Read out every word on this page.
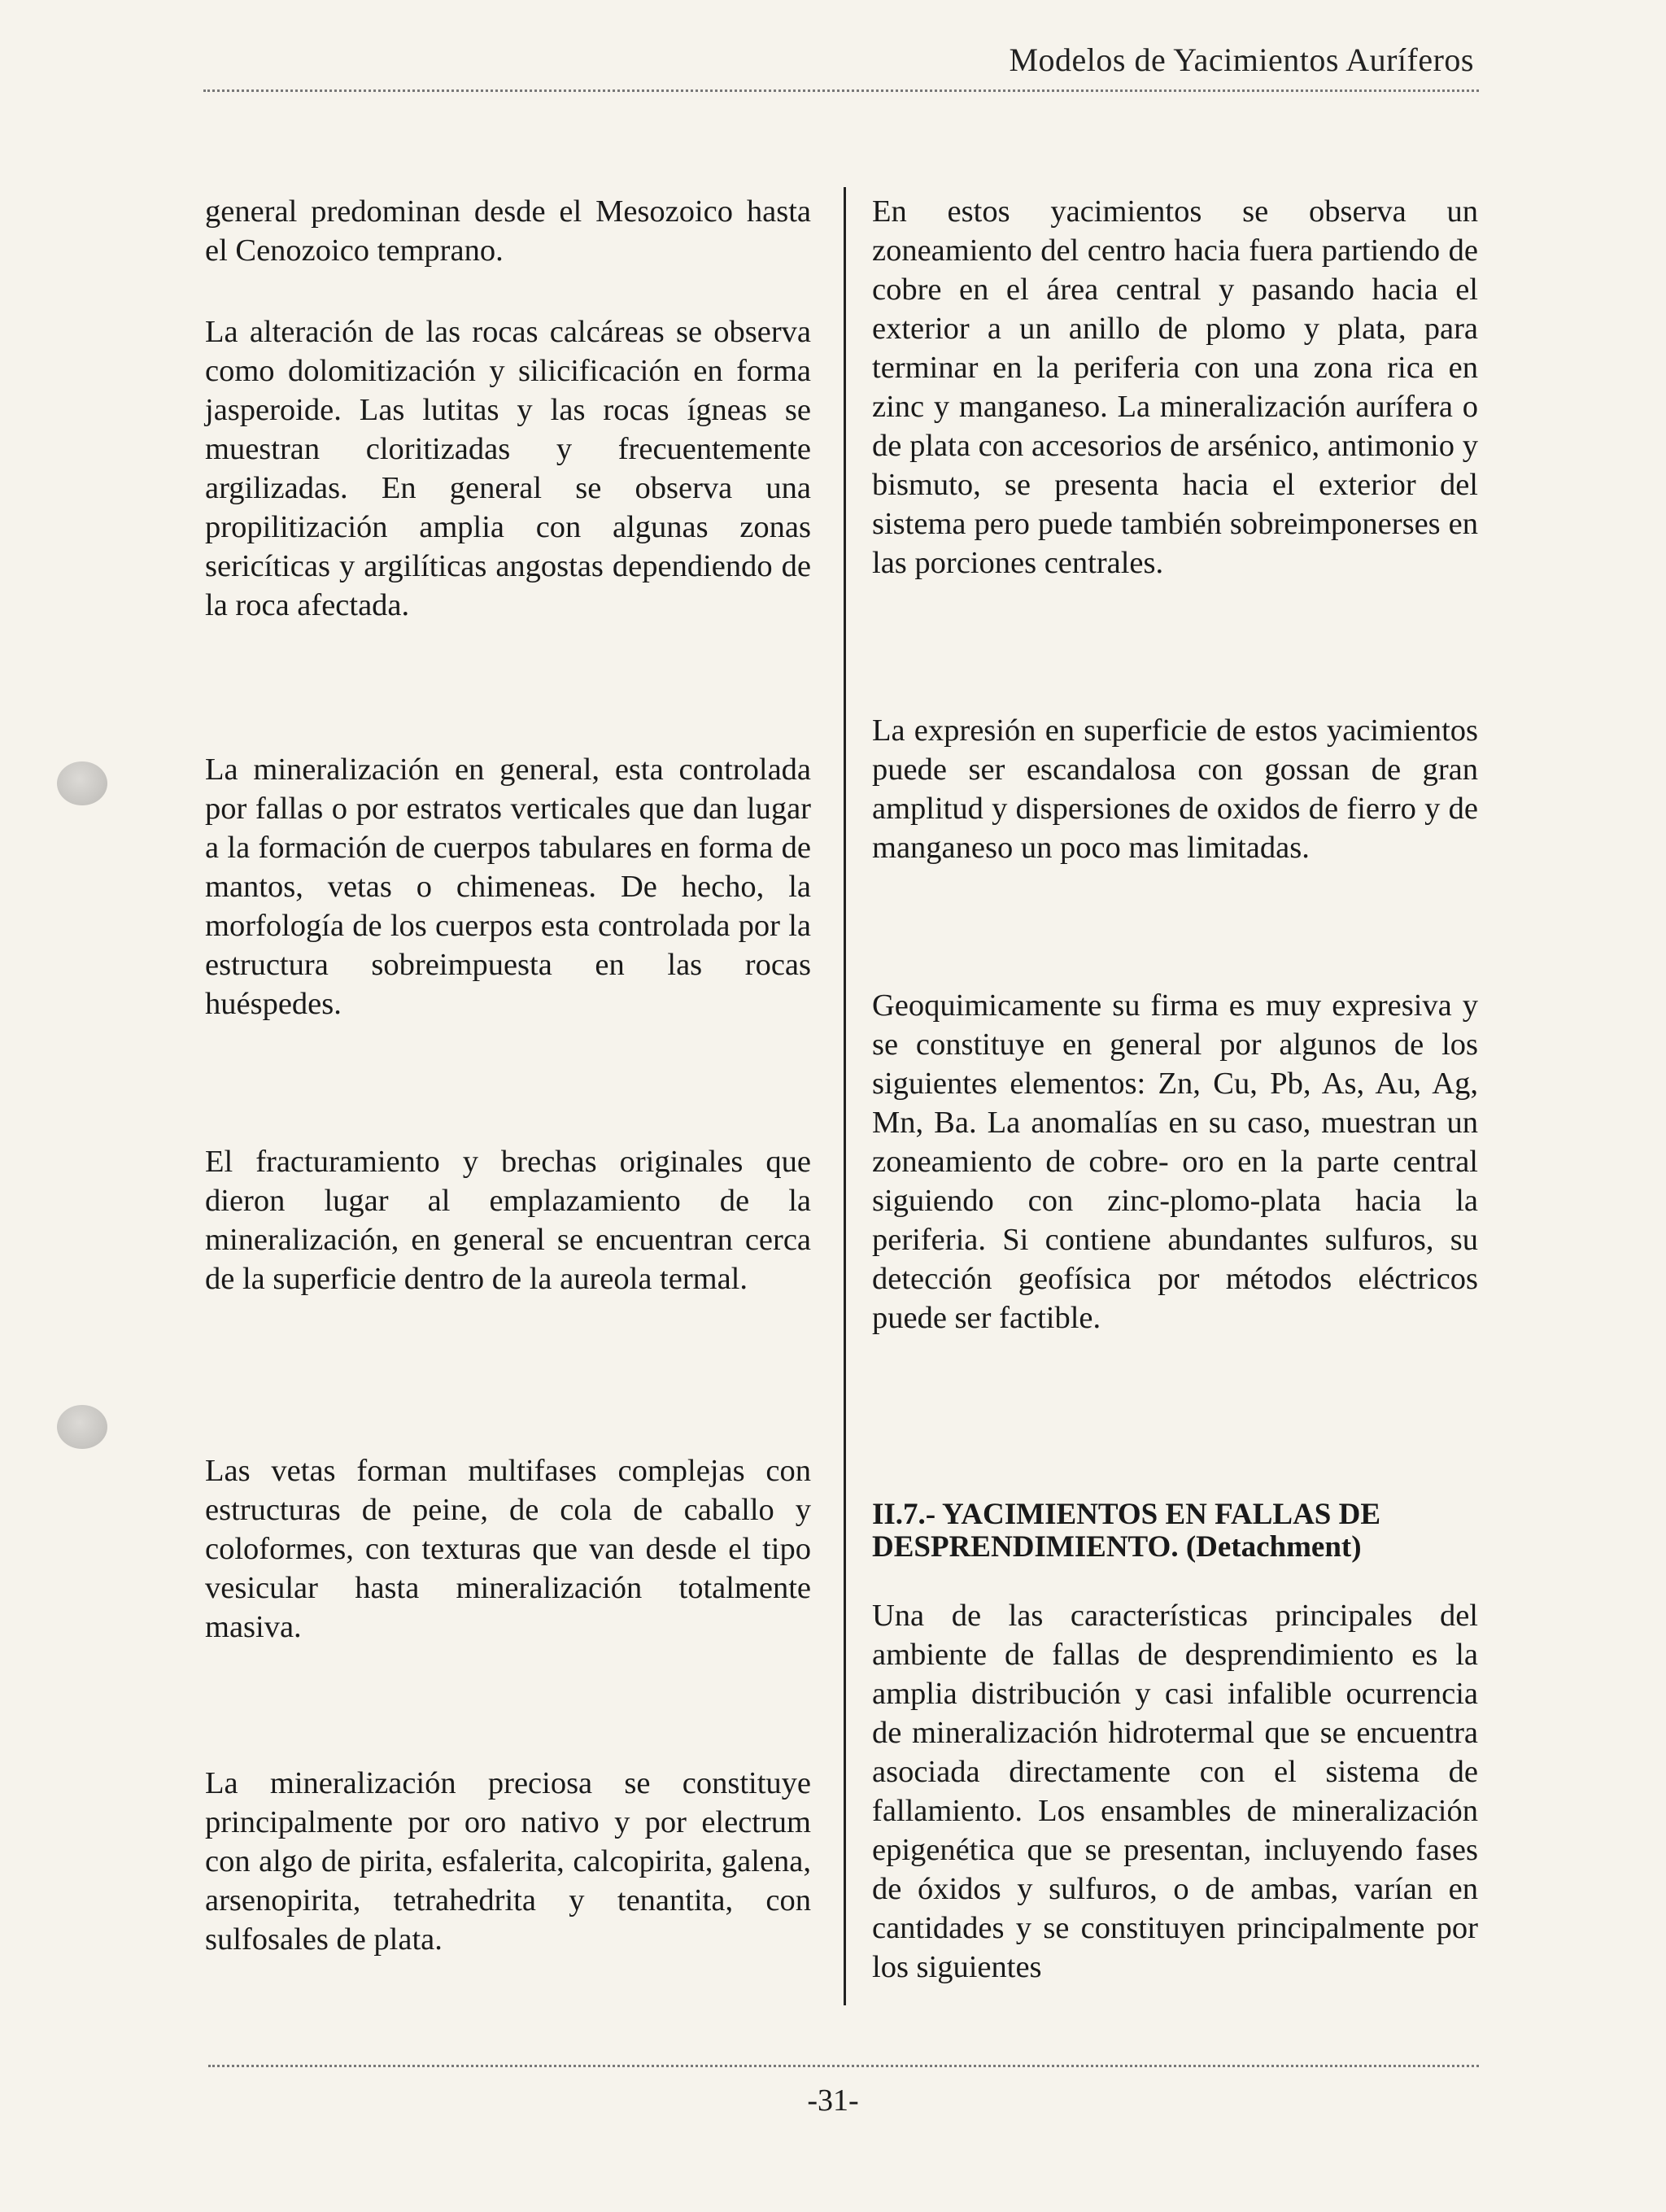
Modelos de Yacimientos Auríferos

general predominan desde el Mesozoico hasta el Cenozoico temprano.

La alteración de las rocas calcáreas se observa como dolomitización y silicificación en forma jasperoide. Las lutitas y las rocas ígneas se muestran cloritizadas y frecuentemente argilizadas. En general se observa una propilitización amplia con algunas zonas sericíticas y argilíticas angostas dependiendo de la roca afectada.

La mineralización en general, esta controlada por fallas o por estratos verticales que dan lugar a la formación de cuerpos tabulares en forma de mantos, vetas o chimeneas. De hecho, la morfología de los cuerpos esta controlada por la estructura sobreimpuesta en las rocas huéspedes.

El fracturamiento y brechas originales que dieron lugar al emplazamiento de la mineralización, en general se encuentran cerca de la superficie dentro de la aureola termal.

Las vetas forman multifases complejas con estructuras de peine, de cola de caballo y coloformes, con texturas que van desde el tipo vesicular hasta mineralización totalmente masiva.

La mineralización preciosa se constituye principalmente por oro nativo y por electrum con algo de pirita, esfalerita, calcopirita, galena, arsenopirita, tetrahedrita y tenantita, con sulfosales de plata.

En estos yacimientos se observa un zoneamiento del centro hacia fuera partiendo de cobre en el área central y pasando hacia el exterior a un anillo de plomo y plata, para terminar en la periferia con una zona rica en zinc y manganeso. La mineralización aurífera o de plata con accesorios de arsénico, antimonio y bismuto, se presenta hacia el exterior del sistema pero puede también sobreimponerses en las porciones centrales.

La expresión en superficie de estos yacimientos puede ser escandalosa con gossan de gran amplitud y dispersiones de oxidos de fierro y de manganeso un poco mas limitadas.

Geoquimicamente su firma es muy expresiva y se constituye en general por algunos de los siguientes elementos: Zn, Cu, Pb, As, Au, Ag, Mn, Ba. La anomalías en su caso, muestran un zoneamiento de cobre- oro en la parte central siguiendo con zinc-plomo-plata hacia la periferia. Si contiene abundantes sulfuros, su detección geofísica por métodos eléctricos puede ser factible.

II.7.- YACIMIENTOS EN FALLAS DE DESPRENDIMIENTO. (Detachment)

Una de las características principales del ambiente de fallas de desprendimiento es la amplia distribución y casi infalible ocurrencia de mineralización hidrotermal que se encuentra asociada directamente con el sistema de fallamiento. Los ensambles de mineralización epigenética que se presentan, incluyendo fases de óxidos y sulfuros, o de ambas, varían en cantidades y se constituyen principalmente por los siguientes

-31-
